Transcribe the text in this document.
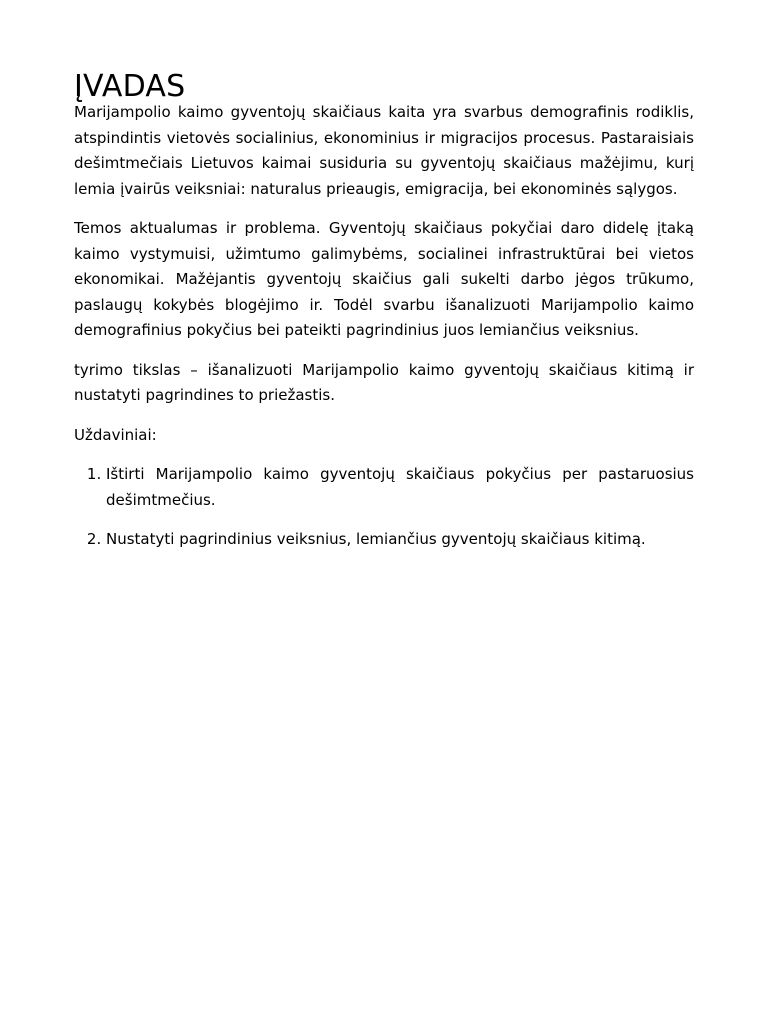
ĮVADAS

Marijampolio kaimo gyventojų skaičiaus kaita yra svarbus demografinis rodiklis, atspindintis vietovės socialinius, ekonominius ir migracijos procesus. Pastaraisiais dešimtmečiais Lietuvos kaimai susiduria su gyventojų skaičiaus mažėjimu, kurį lemia įvairūs veiksniai: naturalus prieaugis, emigracija, bei ekonominės sąlygos.

Temos aktualumas ir problema. Gyventojų skaičiaus pokyčiai daro didelę įtaką kaimo vystymuisi, užimtumo galimybėms, socialinei infrastruktūrai bei vietos ekonomikai. Mažėjantis gyventojų skaičius gali sukelti darbo jėgos trūkumo, paslaugų kokybės blogėjimo ir. Todėl svarbu išanalizuoti Marijampolio kaimo demografinius pokyčius bei pateikti pagrindinius juos lemiančius veiksnius.

tyrimo tikslas – išanalizuoti Marijampolio kaimo gyventojų skaičiaus kitimą ir nustatyti pagrindines to priežastis.

Uždaviniai:

1. Ištirti Marijampolio kaimo gyventojų skaičiaus pokyčius per pastaruosius dešimtmečius.
2. Nustatyti pagrindinius veiksnius, lemiančius gyventojų skaičiaus kitimą.
